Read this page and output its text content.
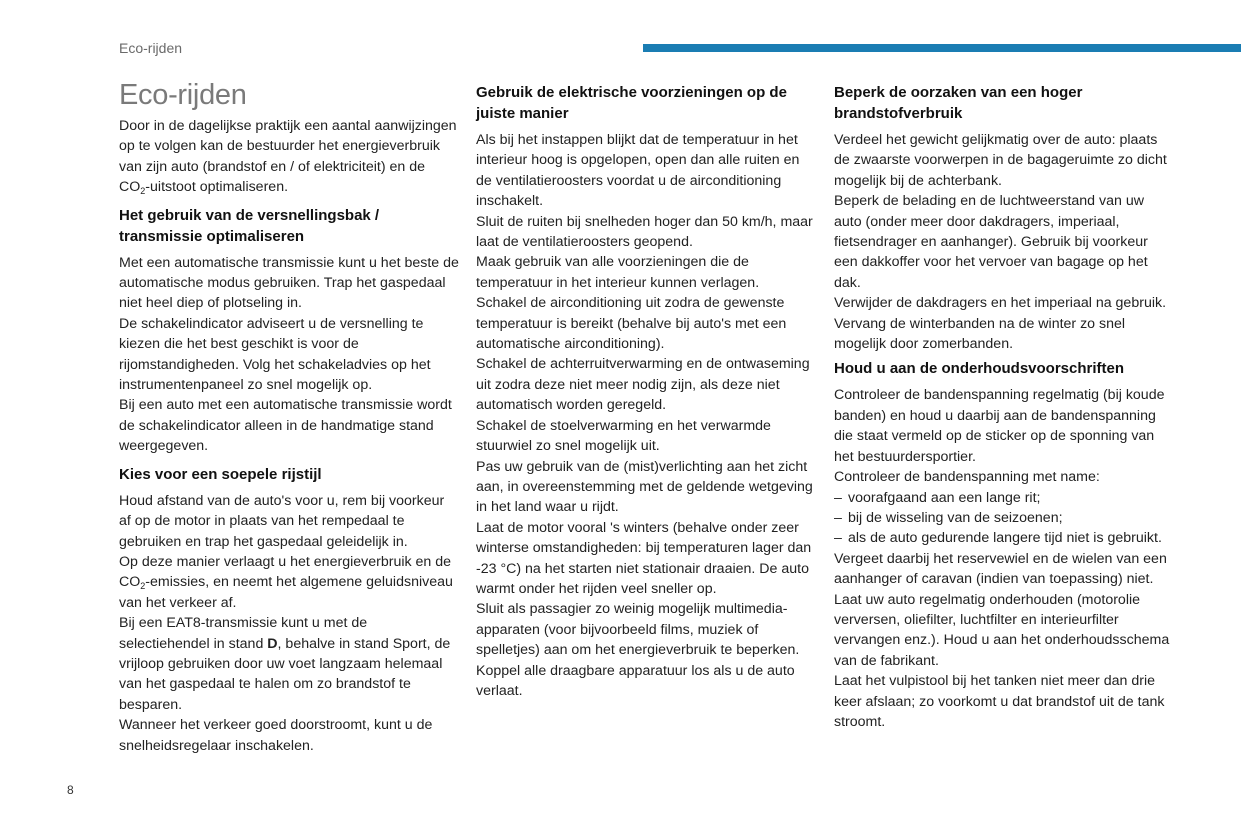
Eco-rijden
Eco-rijden

Door in de dagelijkse praktijk een aantal aanwijzingen op te volgen kan de bestuurder het energieverbruik van zijn auto (brandstof en / of elektriciteit) en de $CO_2$-uitstoot optimaliseren.

Het gebruik van de versnellingsbak / transmissie optimaliseren

Met een automatische transmissie kunt u het beste de automatische modus gebruiken. Trap het gaspedaal niet heel diep of plotseling in.

De schakelindicator adviseert u de versnelling te kiezen die het best geschikt is voor de rijomstandigheden. Volg het schakeladvies op het instrumentenpaneel zo snel mogelijk op.

Bij een auto met een automatische transmissie wordt de schakelindicator alleen in de handmatige stand weergegeven.

Kies voor een soepele rijstijl

Houd afstand van de auto's voor u, rem bij voorkeur af op de motor in plaats van het rempedaal te gebruiken en trap het gaspedaal geleidelijk in.

Op deze manier verlaagt u het energieverbruik en de $CO_2$-emissies, en neemt het algemene geluidsniveau van het verkeer af.

Bij een EAT8-transmissie kunt u met de selectiehendel in stand D, behalve in stand Sport, de vrijloop gebruiken door uw voet langzaam helemaal van het gaspedaal te halen om zo brandstof te besparen.

Wanneer het verkeer goed doorstroomt, kunt u de snelheidsregelaar inschakelen.

Gebruik de elektrische voorzieningen op de juiste manier

Als bij het instappen blijkt dat de temperatuur in het interieur hoog is opgelopen, open dan alle ruiten en de ventilatieroosters voordat u de airconditioning inschakelt.

Sluit de ruiten bij snelheden hoger dan 50 km/h, maar laat de ventilatieroosters geopend.

Maak gebruik van alle voorzieningen die de temperatuur in het interieur kunnen verlagen.

Schakel de airconditioning uit zodra de gewenste temperatuur is bereikt (behalve bij auto's met een automatische airconditioning).

Schakel de achterruitverwarming en de ontwaseming uit zodra deze niet meer nodig zijn, als deze niet automatisch worden geregeld.

Schakel de stoelverwarming en het verwarmde stuurwiel zo snel mogelijk uit.

Pas uw gebruik van de (mist)verlichting aan het zicht aan, in overeenstemming met de geldende wetgeving in het land waar u rijdt.

Laat de motor vooral 's winters (behalve onder zeer winterse omstandigheden: bij temperaturen lager dan -23 °C) na het starten niet stationair draaien. De auto warmt onder het rijden veel sneller op.

Sluit als passagier zo weinig mogelijk multimedia-apparaten (voor bijvoorbeeld films, muziek of spelletjes) aan om het energieverbruik te beperken.

Koppel alle draagbare apparatuur los als u de auto verlaat.

Beperk de oorzaken van een hoger brandstofverbruik

Verdeel het gewicht gelijkmatig over de auto: plaats de zwaarste voorwerpen in de bagageruimte zo dicht mogelijk bij de achterbank.

Beperk de belading en de luchtweerstand van uw auto (onder meer door dakdragers, imperiaal, fietsendrager en aanhanger). Gebruik bij voorkeur een dakkoffer voor het vervoer van bagage op het dak.

Verwijder de dakdragers en het imperiaal na gebruik.

Vervang de winterbanden na de winter zo snel mogelijk door zomerbanden.

Houd u aan de onderhoudsvoorschriften

Controleer de bandenspanning regelmatig (bij koude banden) en houd u daarbij aan de bandenspanning die staat vermeld op de sticker op de sponning van het bestuurdersportier.

Controleer de bandenspanning met name:

– voorafgaand aan een lange rit;
– bij de wisseling van de seizoenen;
– als de auto gedurende langere tijd niet is gebruikt.

Vergeet daarbij het reservewiel en de wielen van een aanhanger of caravan (indien van toepassing) niet.

Laat uw auto regelmatig onderhouden (motorolie verversen, oliefilter, luchtfilter en interieurfilter vervangen enz.). Houd u aan het onderhoudsschema van de fabrikant.

Laat het vulpistool bij het tanken niet meer dan drie keer afslaan; zo voorkomt u dat brandstof uit de tank stroomt.

8
